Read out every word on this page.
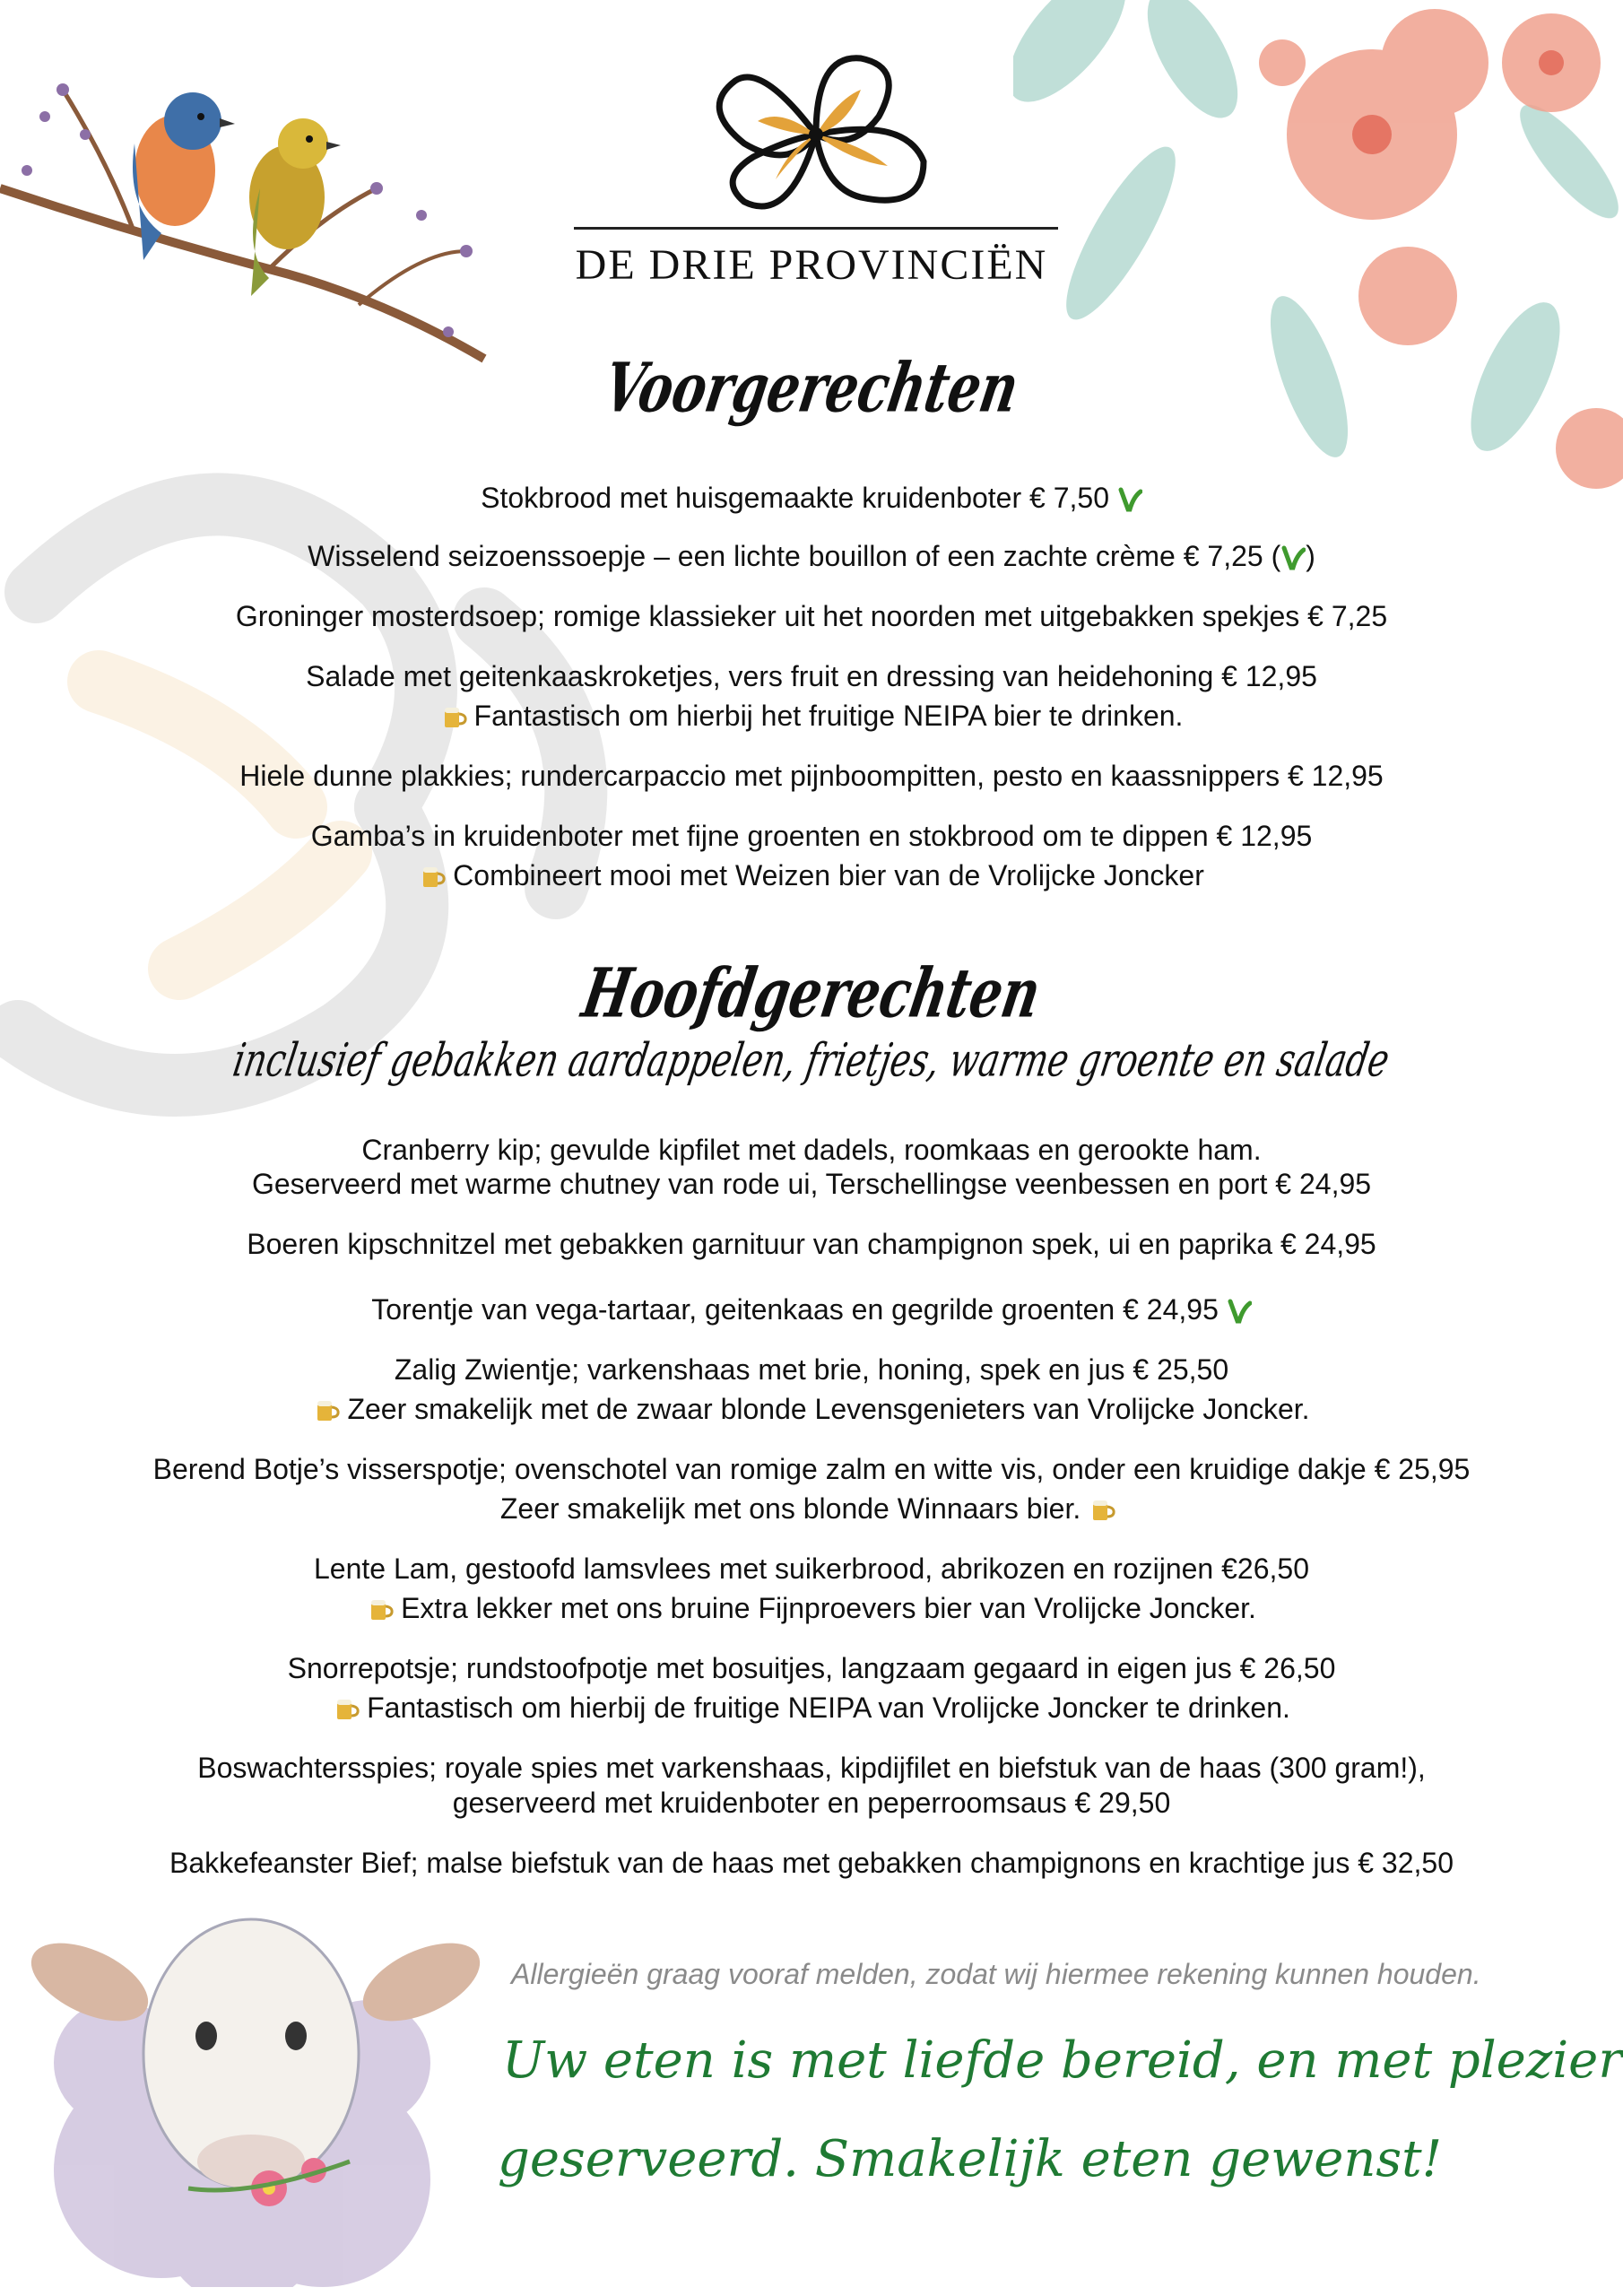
DE DRIE PROVINCIËN
Voorgerechten
Stokbrood met huisgemaakte kruidenboter € 7,50
Wisselend seizoenssoepje – een lichte bouillon of een zachte crème € 7,25 ( )
Groninger mosterdsoep; romige klassieker uit het noorden met uitgebakken spekjes € 7,25
Salade met geitenkaaskroketjes, vers fruit en dressing van heidehoning € 12,95
Fantastisch om hierbij het fruitige NEIPA bier te drinken.
Hiele dunne plakkies; rundercarpaccio met pijnboompitten, pesto en kaassnippers € 12,95
Gamba’s in kruidenboter met fijne groenten en stokbrood om te dippen € 12,95
Combineert mooi met Weizen bier van de Vrolijcke Joncker
Hoofdgerechten
inclusief gebakken aardappelen, frietjes, warme groente en salade
Cranberry kip; gevulde kipfilet met dadels, roomkaas en gerookte ham.
Geserveerd met warme chutney van rode ui, Terschellingse veenbessen en port € 24,95
Boeren kipschnitzel met gebakken garnituur van champignon spek, ui en paprika € 24,95
Torentje van vega-tartaar, geitenkaas en gegrilde groenten € 24,95
Zalig Zwientje; varkenshaas met brie, honing, spek en jus € 25,50
Zeer smakelijk met de zwaar blonde Levensgenieters van Vrolijcke Joncker.
Berend Botje’s visserspotje; ovenschotel van romige zalm en witte vis, onder een kruidige dakje € 25,95
Zeer smakelijk met ons blonde Winnaars bier.
Lente Lam, gestoofd lamsvlees met suikerbrood, abrikozen en rozijnen €26,50
Extra lekker met ons bruine Fijnproevers bier van Vrolijcke Joncker.
Snorrepotsje; rundstoofpotje met bosuitjes, langzaam gegaard in eigen jus € 26,50
Fantastisch om hierbij de fruitige NEIPA van Vrolijcke Joncker te drinken.
Boswachtersspies; royale spies met varkenshaas, kipdijfilet en biefstuk van de haas (300 gram!),
geserveerd met kruidenboter en peperroomsaus € 29,50
Bakkefeanster Bief; malse biefstuk van de haas met gebakken champignons en krachtige jus € 32,50
Allergieën graag vooraf melden, zodat wij hiermee rekening kunnen houden.
Uw eten is met liefde bereid, en met plezier
geserveerd. Smakelijk eten gewenst!
